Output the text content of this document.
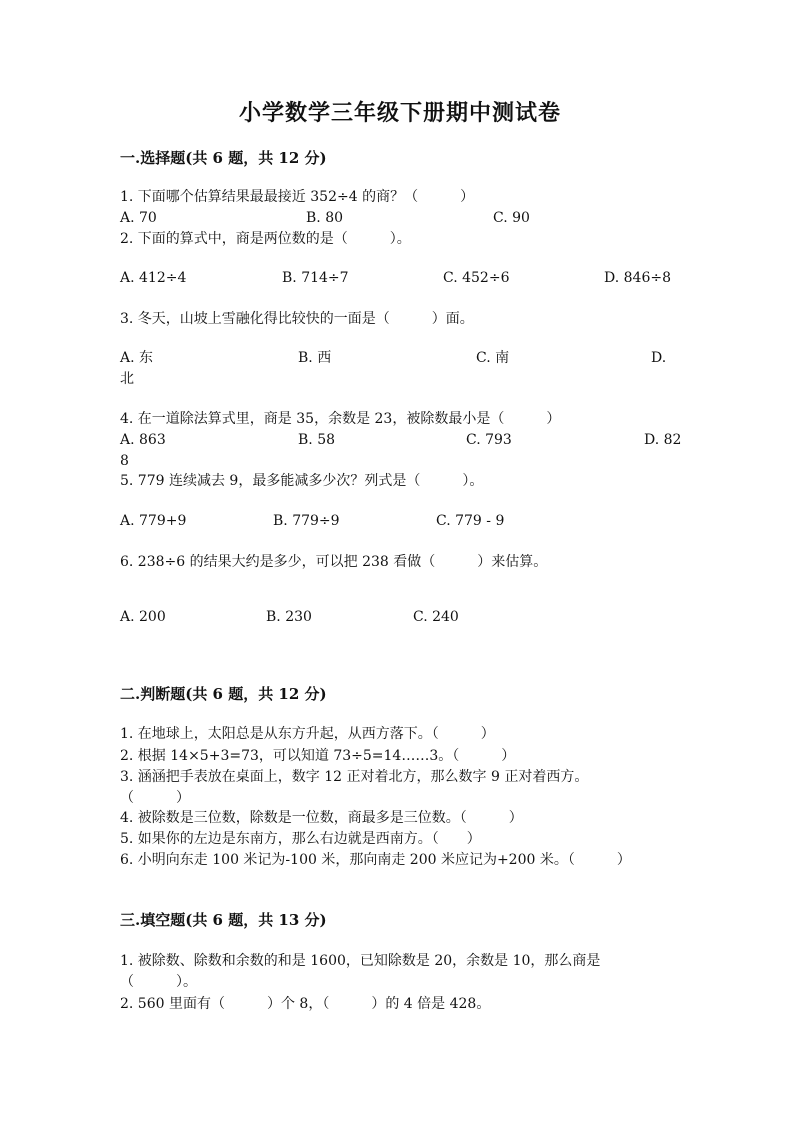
小学数学三年级下册期中测试卷
一.选择题(共 6 题，共 12 分)
1. 下面哪个估算结果最最接近 352÷4 的商？（　　　）
A. 70	B. 80	C. 90
2. 下面的算式中，商是两位数的是（　　　）。
A. 412÷4	B. 714÷7	C. 452÷6	D. 846÷8
3. 冬天，山坡上雪融化得比较快的一面是（　　　）面。
A. 东	B. 西	C. 南	D.
北
4. 在一道除法算式里，商是 35，余数是 23，被除数最小是（　　　）
A. 863	B. 58	C. 793	D. 82
8
5. 779 连续减去 9，最多能减多少次？列式是（　　　）。
A. 779+9	B. 779÷9	C. 779 - 9
6. 238÷6 的结果大约是多少，可以把 238 看做（　　　）来估算。
A. 200	B. 230	C. 240
二.判断题(共 6 题，共 12 分)
1. 在地球上，太阳总是从东方升起，从西方落下。（　　　）
2. 根据 14×5+3=73，可以知道 73÷5=14……3。（　　　）
3. 涵涵把手表放在桌面上，数字 12 正对着北方，那么数字 9 正对着西方。
（　　　）
4. 被除数是三位数，除数是一位数，商最多是三位数。（　　　）
5. 如果你的左边是东南方，那么右边就是西南方。（　　）
6. 小明向东走 100 米记为-100 米，那向南走 200 米应记为+200 米。（　　　）
三.填空题(共 6 题，共 13 分)
1. 被除数、除数和余数的和是 1600，已知除数是 20，余数是 10，那么商是
（　　　）。
2. 560 里面有（　　　）个 8，（　　　）的 4 倍是 428。
